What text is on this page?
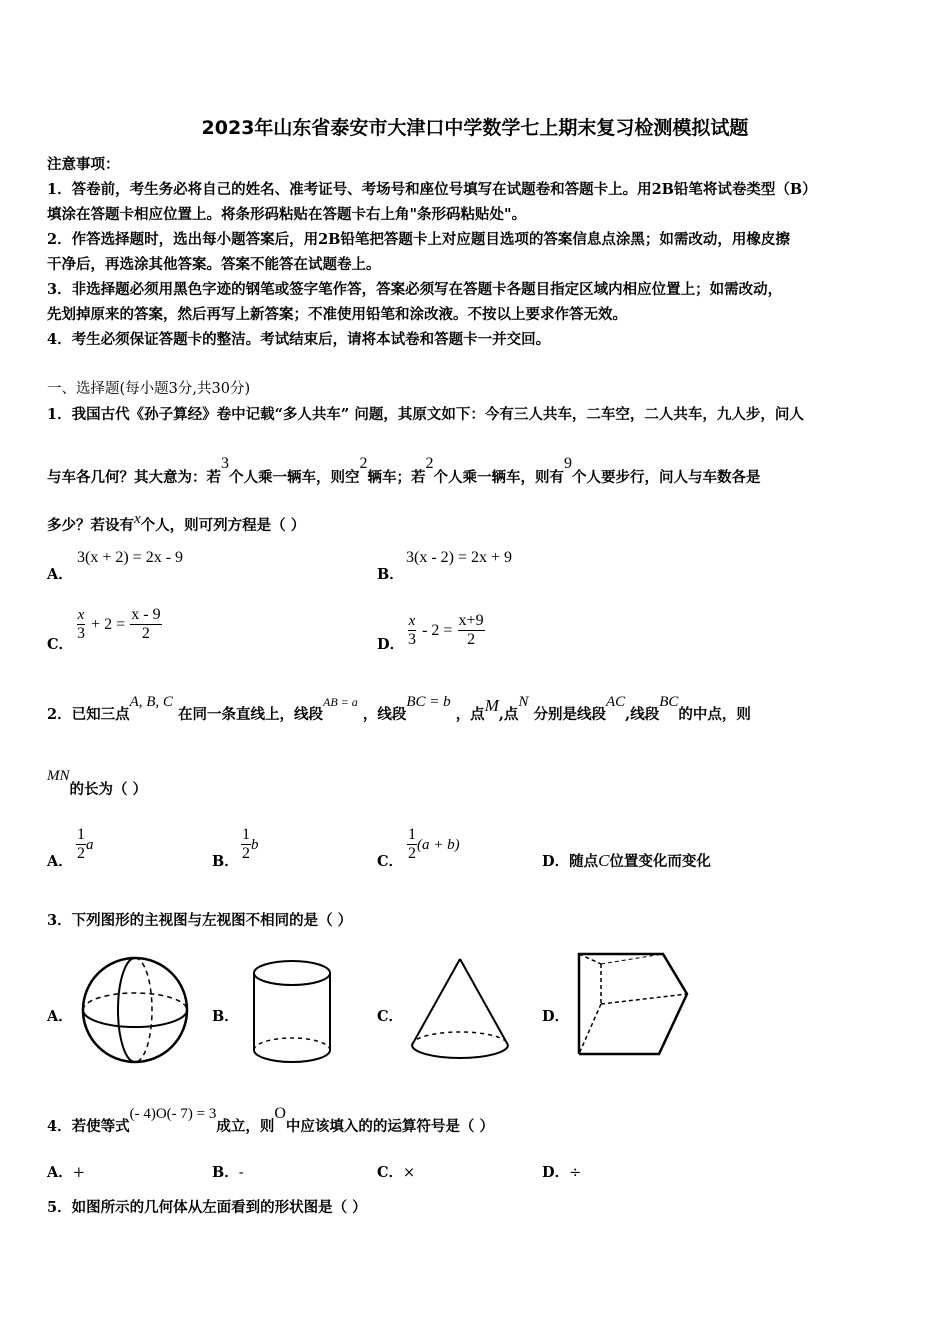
2023年山东省泰安市大津口中学数学七上期末复习检测模拟试题
注意事项：
1．答卷前，考生务必将自己的姓名、准考证号、考场号和座位号填写在试题卷和答题卡上。用2B铅笔将试卷类型（B）
填涂在答题卡相应位置上。将条形码粘贴在答题卡右上角"条形码粘贴处"。
2．作答选择题时，选出每小题答案后，用2B铅笔把答题卡上对应题目选项的答案信息点涂黑；如需改动，用橡皮擦
干净后，再选涂其他答案。答案不能答在试题卷上。
3．非选择题必须用黑色字迹的钢笔或签字笔作答，答案必须写在答题卡各题目指定区域内相应位置上；如需改动，
先划掉原来的答案，然后再写上新答案；不准使用铅笔和涂改液。不按以上要求作答无效。
4．考生必须保证答题卡的整洁。考试结束后，请将本试卷和答题卡一并交回。
一、选择题(每小题3分,共30分)
1．我国古代《孙子算经》卷中记载“多人共车” 问题，其原文如下：今有三人共车，二车空，二人共车，九人步，问人
与车各几何？其大意为：若3个人乘一辆车，则空2辆车；若2个人乘一辆车，则有9个人要步行，问人与车数各是
多少？若设有x个人，则可列方程是（ ）
A．
3(x + 2) = 2x - 9
B．
3(x - 2) = 2x + 9
C．
$\frac{x}{3} + 2 = \frac{x - 9}{2}$
D． $\frac{x}{3} - 2 = \frac{x+9}{2}$
2．已知三点A, B, C 在同一条直线上，线段$^{AB = a}$ ，线段BC = b ，点M,点N 分别是线段AC,线段BC的中点，则
MN的长为（ ）
A． $\frac{1}{2}$ a
B． $\frac{1}{2}$ b
C． $\frac{1}{2} (a + b)$
D．随点C位置变化而变化
3．下列图形的主视图与左视图不相同的是（ ）
A．	B．	C．	D．
4．若使等式(- 4)O(- 7) = 3成立，则O中应该填入的的运算符号是（ ）
A．+	B．-	C．×	D．÷
5．如图所示的几何体从左面看到的形状图是（ ）
